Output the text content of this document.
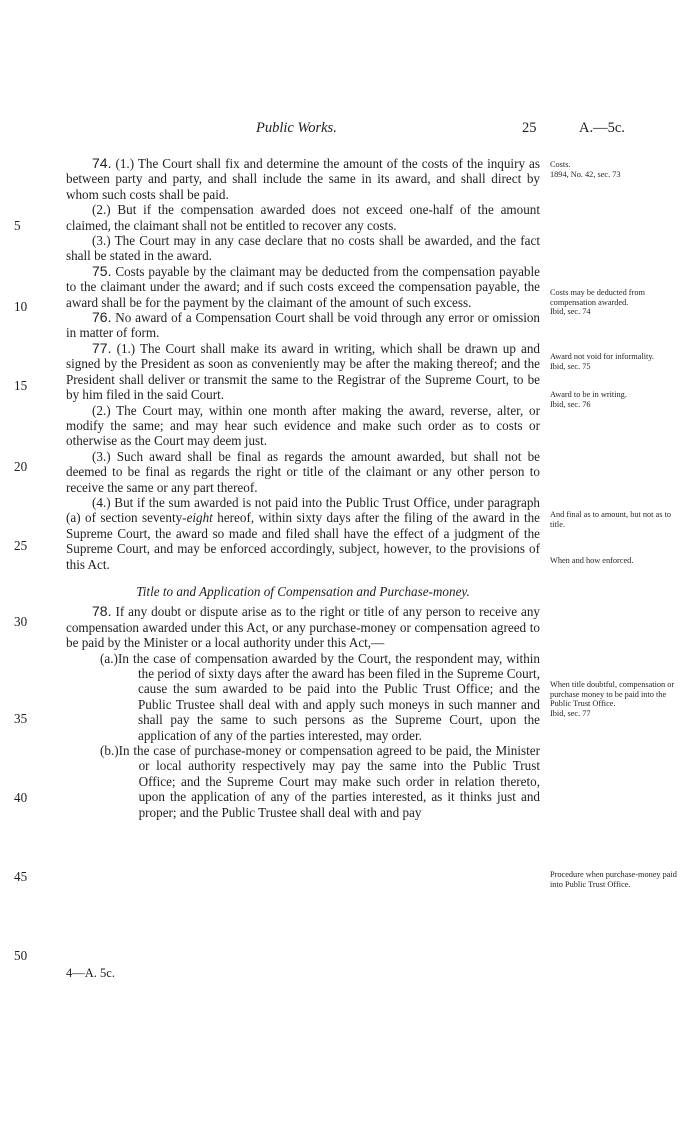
Public Works.	25	A.—5c.

74. (1.) The Court shall fix and determine the amount of the costs of the inquiry as between party and party, and shall include the same in its award, and shall direct by whom such costs shall be paid.

(2.) But if the compensation awarded does not exceed one-half of the amount claimed, the claimant shall not be entitled to recover any costs.

(3.) The Court may in any case declare that no costs shall be awarded, and the fact shall be stated in the award.

75. Costs payable by the claimant may be deducted from the compensation payable to the claimant under the award; and if such costs exceed the compensation payable, the award shall be for the payment by the claimant of the amount of such excess.

76. No award of a Compensation Court shall be void through any error or omission in matter of form.

77. (1.) The Court shall make its award in writing, which shall be drawn up and signed by the President as soon as conveniently may be after the making thereof; and the President shall deliver or transmit the same to the Registrar of the Supreme Court, to be by him filed in the said Court.

(2.) The Court may, within one month after making the award, reverse, alter, or modify the same; and may hear such evidence and make such order as to costs or otherwise as the Court may deem just.

(3.) Such award shall be final as regards the amount awarded, but shall not be deemed to be final as regards the right or title of the claimant or any other person to receive the same or any part thereof.

(4.) But if the sum awarded is not paid into the Public Trust Office, under paragraph (a) of section seventy-eight hereof, within sixty days after the filing of the award in the Supreme Court, the award so made and filed shall have the effect of a judgment of the Supreme Court, and may be enforced accordingly, subject, however, to the provisions of this Act.

Title to and Application of Compensation and Purchase-money.

78. If any doubt or dispute arise as to the right or title of any person to receive any compensation awarded under this Act, or any purchase-money or compensation agreed to be paid by the Minister or a local authority under this Act,—

(a.) In the case of compensation awarded by the Court, the respondent may, within the period of sixty days after the award has been filed in the Supreme Court, cause the sum awarded to be paid into the Public Trust Office; and the Public Trustee shall deal with and apply such moneys in such manner and shall pay the same to such persons as the Supreme Court, upon the application of any of the parties interested, may order.
(b.) In the case of purchase-money or compensation agreed to be paid, the Minister or local authority respectively may pay the same into the Public Trust Office; and the Supreme Court may make such order in relation thereto, upon the application of any of the parties interested, as it thinks just and proper; and the Public Trustee shall deal with and pay
5
10
15
20
25
30
35
40
45
50
Costs.
1894, No. 42, sec. 73
Costs may be deducted from compensation awarded.
Ibid, sec. 74
Award not void for informality.
Ibid, sec. 75
Award to be in writing.
Ibid, sec. 76
And final as to amount, but not as to title.
When and how enforced.
When title doubtful, compensation or purchase money to be paid into the Public Trust Office.
Ibid, sec. 77
Procedure when purchase-money paid into Public Trust Office.
4—A. 5c.
